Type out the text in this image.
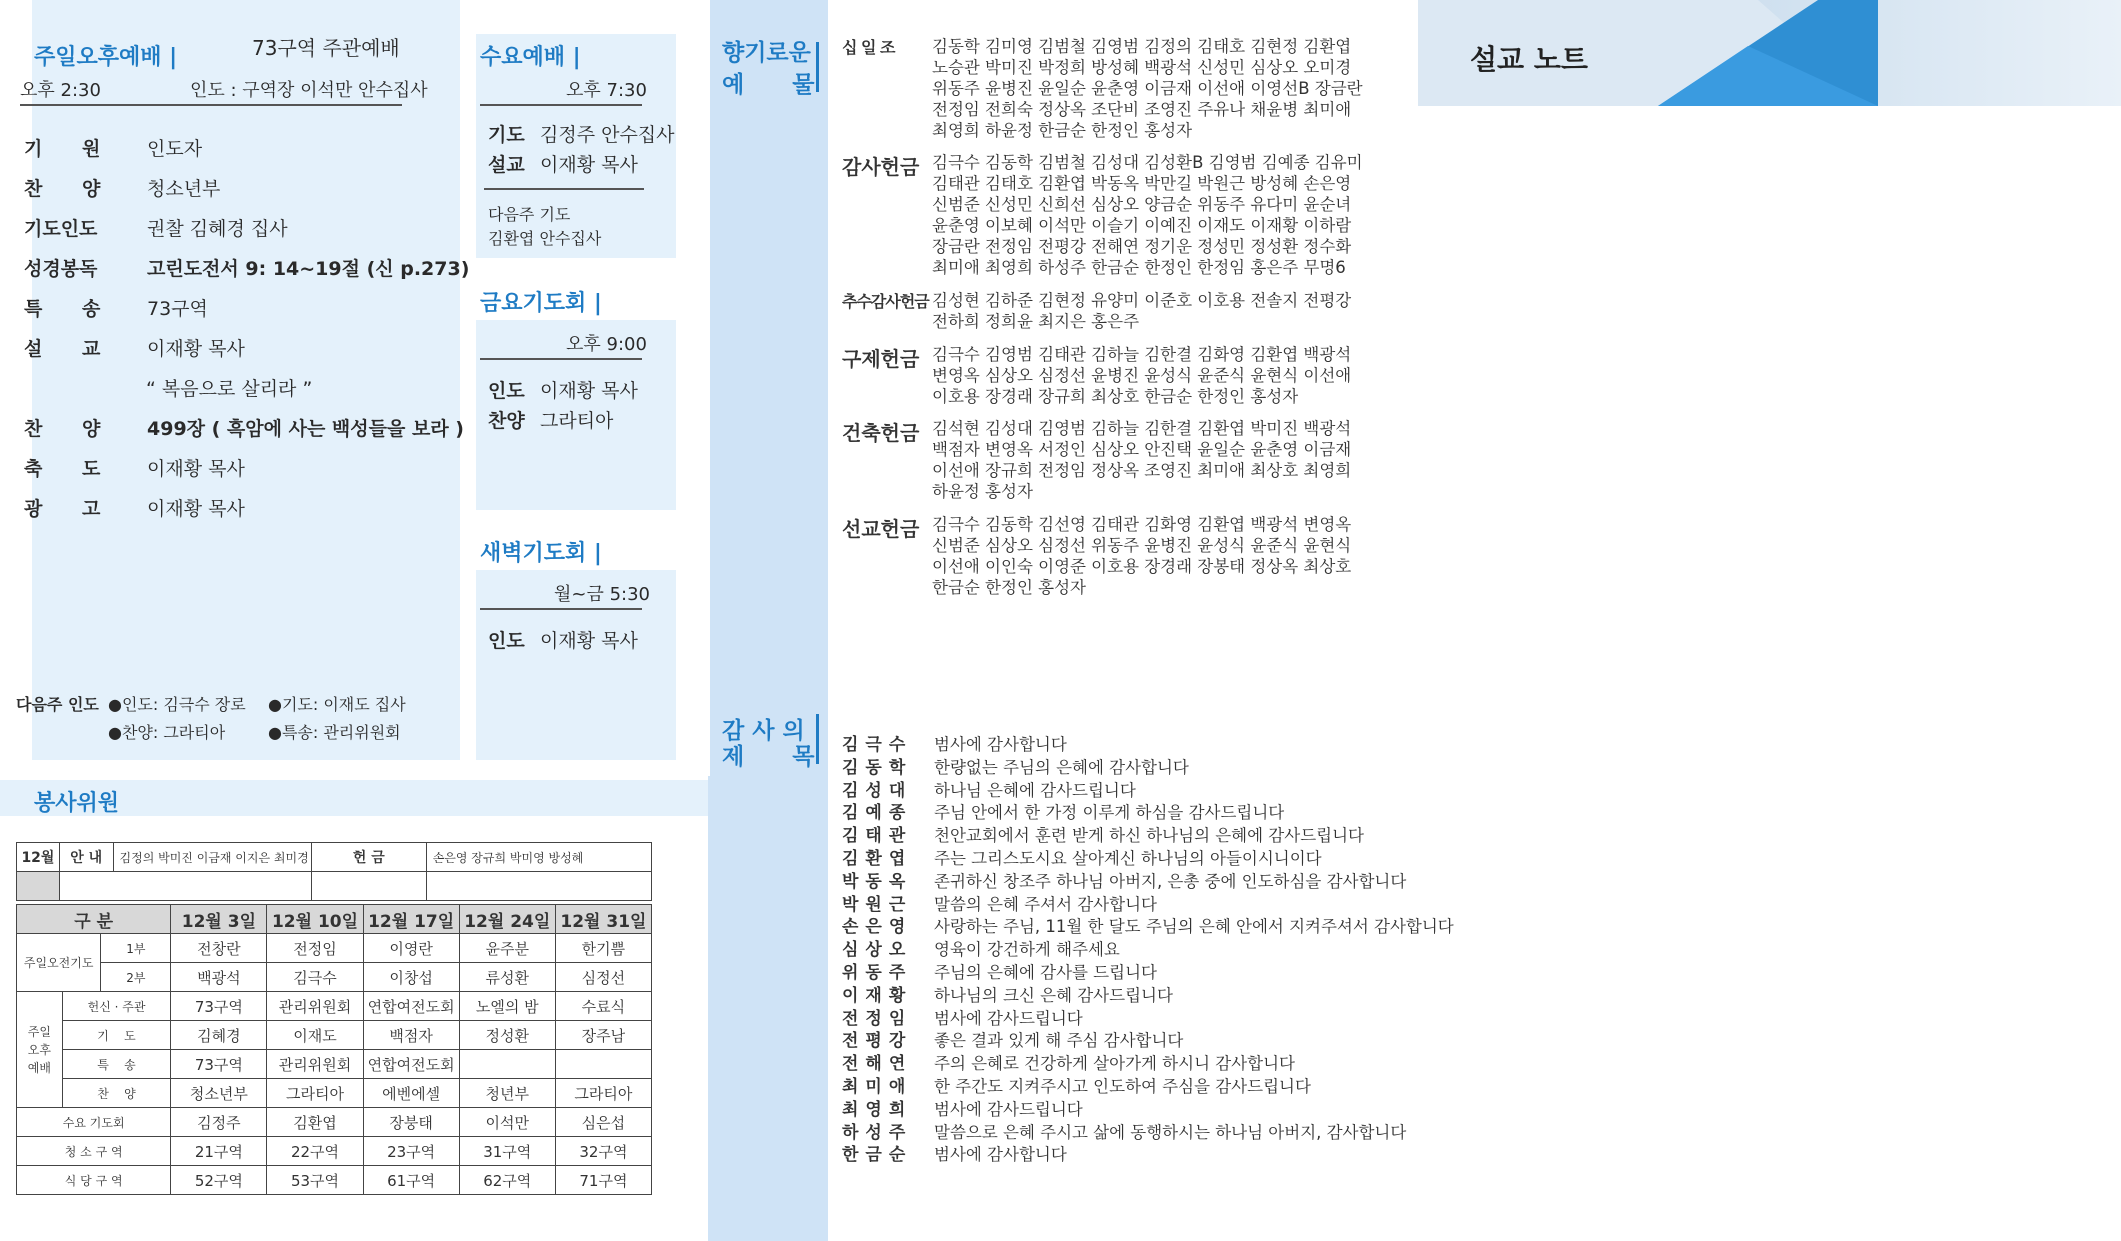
주일오후예배 |	73구역 주관예배
오후 2:30	인도 : 구역장 이석만 안수집사
기      원	인도자
찬      양	청소년부
기도인도	권찰 김혜경 집사
성경봉독	고린도전서 9: 14~19절 (신 p.273)
특      송	73구역
설      교	이재황 목사
“ 복음으로 살리라 ”
찬      양	499장 ( 흑암에 사는 백성들을 보라 )
축      도	이재황 목사
광      고	이재황 목사
다음주 인도 ●인도: 김극수 장로 ●기도: 이재도 집사
●찬양: 그라티아	●특송: 관리위원회
수요예배 |
오후 7:30
기도 김정주 안수집사
설교 이재황 목사
다음주 기도
김환엽 안수집사
금요기도회 |
오후 9:00
인도 이재황 목사
찬양 그라티아
새벽기도회 |
월~금 5:30
인도 이재황 목사
봉사위원
12월	안 내	김정의 박미진 이금재 이지은 최미경	헌 금	손은영 장규희 박미영 방성혜

구 분			12월 3일	12월 10일	12월 17일	12월 24일	12월 31일
주일오전기도		1부	전창란	전정임	이영란	윤주분	한기쁨
		2부	백광석	김극수	이창섭	류성환	심정선
주일
오후
예배	헌신 · 주관		73구역	관리위원회	연합여전도회	노엘의 밤	수료식
	기    도		김혜경	이재도	백점자	정성환	장주남
	특    송		73구역	관리위원회	연합여전도회		
	찬    양		청소년부	그라티아	에벤에셀	청년부	그라티아
수요 기도회			김정주	김환엽	장붕태	이석만	심은섭
청 소 구 역			21구역	22구역	23구역	31구역	32구역
식 당 구 역			52구역	53구역	61구역	62구역	71구역
향기로운
예      물
감 사 의
제      목
십 일 조 김동학 김미영 김범철 김영범 김정의 김태호 김현정 김환엽
노승관 박미진 박정희 방성혜 백광석 신성민 심상오 오미경
위동주 윤병진 윤일순 윤춘영 이금재 이선애 이영선B 장금란
전정임 전희숙 정상옥 조단비 조영진 주유나 채윤병 최미애
최영희 하윤정 한금순 한정인 홍성자
감사헌금 김극수 김동학 김범철 김성대 김성환B 김영범 김예종 김유미
김태관 김태호 김환엽 박동옥 박만길 박원근 방성혜 손은영
신범준 신성민 신희선 심상오 양금순 위동주 유다미 윤순녀
윤춘영 이보혜 이석만 이슬기 이예진 이재도 이재황 이하람
장금란 전정임 전평강 전해연 정기운 정성민 정성환 정수화
최미애 최영희 하성주 한금순 한정인 한정임 홍은주 무명6
추수감사헌금 김성현 김하준 김현정 유양미 이준호 이호용 전솔지 전평강
전하희 정희윤 최지은 홍은주
구제헌금 김극수 김영범 김태관 김하늘 김한결 김화영 김환엽 백광석
변영옥 심상오 심정선 윤병진 윤성식 윤준식 윤현식 이선애
이호용 장경래 장규희 최상호 한금순 한정인 홍성자
건축헌금 김석현 김성대 김영범 김하늘 김한결 김환엽 박미진 백광석
백점자 변영옥 서정인 심상오 안진택 윤일순 윤춘영 이금재
이선애 장규희 전정임 정상옥 조영진 최미애 최상호 최영희
하윤정 홍성자
선교헌금 김극수 김동학 김선영 김태관 김화영 김환엽 백광석 변영옥
신범준 심상오 심정선 위동주 윤병진 윤성식 윤준식 윤현식
이선애 이인숙 이영준 이호용 장경래 장봉태 정상옥 최상호
한금순 한정인 홍성자
김극수	범사에 감사합니다
김동학	한량없는 주님의 은혜에 감사합니다
김성대	하나님 은혜에 감사드립니다
김예종	주님 안에서 한 가정 이루게 하심을 감사드립니다
김태관	천안교회에서 훈련 받게 하신 하나님의 은혜에 감사드립니다
김환엽	주는 그리스도시요 살아계신 하나님의 아들이시니이다
박동옥	존귀하신 창조주 하나님 아버지, 은총 중에 인도하심을 감사합니다
박원근	말씀의 은혜 주셔서 감사합니다
손은영	사랑하는 주님, 11월 한 달도 주님의 은혜 안에서 지켜주셔서 감사합니다
심상오	영육이 강건하게 해주세요
위동주	주님의 은혜에 감사를 드립니다
이재황	하나님의 크신 은혜 감사드립니다
전정임	범사에 감사드립니다
전평강	좋은 결과 있게 해 주심 감사합니다
전해연	주의 은혜로 건강하게 살아가게 하시니 감사합니다
최미애	한 주간도 지켜주시고 인도하여 주심을 감사드립니다
최영희	범사에 감사드립니다
하성주	말씀으로 은혜 주시고 삶에 동행하시는 하나님 아버지, 감사합니다
한금순	범사에 감사합니다
설교 노트
